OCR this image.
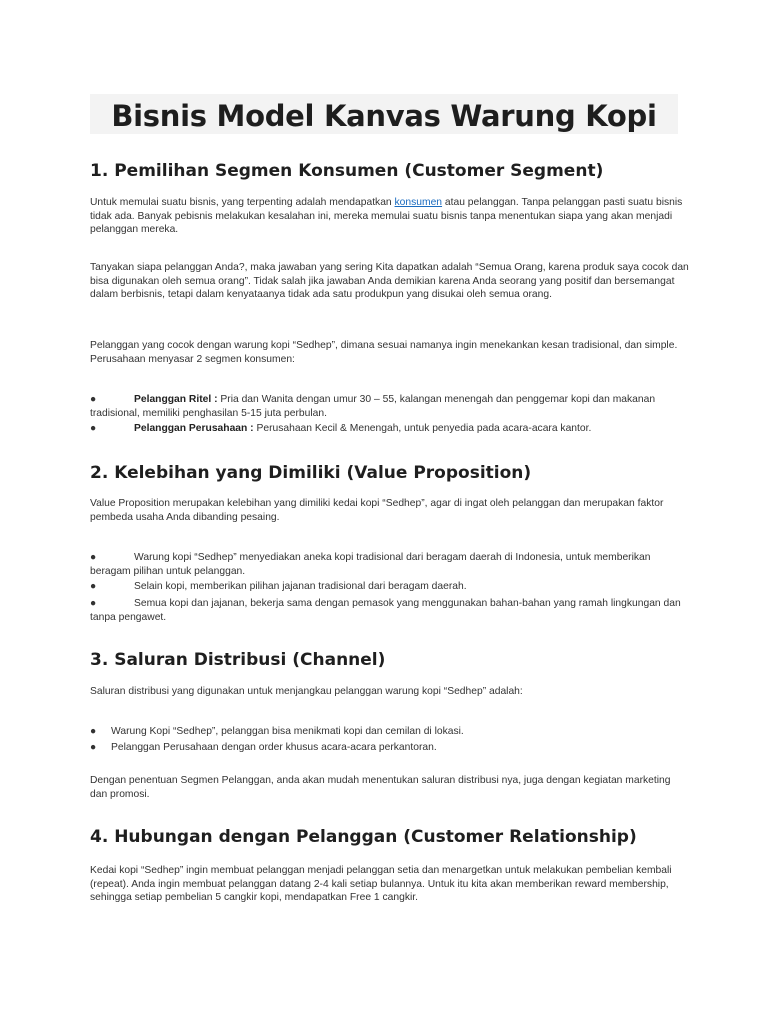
Bisnis Model Kanvas Warung Kopi
1. Pemilihan Segmen Konsumen (Customer Segment)

Untuk memulai suatu bisnis, yang terpenting adalah mendapatkan konsumen atau pelanggan. Tanpa pelanggan pasti suatu bisnis tidak ada. Banyak pebisnis melakukan kesalahan ini, mereka memulai suatu bisnis tanpa menentukan siapa yang akan menjadi pelanggan mereka.

Tanyakan siapa pelanggan Anda?, maka jawaban yang sering Kita dapatkan adalah “Semua Orang, karena produk saya cocok dan bisa digunakan oleh semua orang”. Tidak salah jika jawaban Anda demikian karena Anda seorang yang positif dan bersemangat dalam berbisnis, tetapi dalam kenyataanya tidak ada satu produkpun yang disukai oleh semua orang.

Pelanggan yang cocok dengan warung kopi “Sedhep”, dimana sesuai namanya ingin menekankan kesan tradisional, dan simple. Perusahaan menyasar 2 segmen konsumen:

●	Pelanggan Ritel : Pria dan Wanita dengan umur 30 – 55, kalangan menengah dan penggemar kopi dan makanan tradisional, memiliki penghasilan 5-15 juta perbulan.
●	Pelanggan Perusahaan : Perusahaan Kecil & Menengah, untuk penyedia pada acara-acara kantor.
2. Kelebihan yang Dimiliki (Value Proposition)

Value Proposition merupakan kelebihan yang dimiliki kedai kopi “Sedhep”, agar di ingat oleh pelanggan dan merupakan faktor pembeda usaha Anda dibanding pesaing.

●	Warung kopi “Sedhep” menyediakan aneka kopi tradisional dari beragam daerah di Indonesia, untuk memberikan beragam pilihan untuk pelanggan.
●	Selain kopi, memberikan pilihan jajanan tradisional dari beragam daerah.
●	Semua kopi dan jajanan, bekerja sama dengan pemasok yang menggunakan bahan-bahan yang ramah lingkungan dan tanpa pengawet.
3. Saluran Distribusi (Channel)

Saluran distribusi yang digunakan untuk menjangkau pelanggan warung kopi “Sedhep” adalah:

●	Warung Kopi “Sedhep”, pelanggan bisa menikmati kopi dan cemilan di lokasi.
●	Pelanggan Perusahaan dengan order khusus acara-acara perkantoran.

Dengan penentuan Segmen Pelanggan, anda akan mudah menentukan saluran distribusi nya, juga dengan kegiatan marketing dan promosi.

4. Hubungan dengan Pelanggan (Customer Relationship)

Kedai kopi “Sedhep” ingin membuat pelanggan menjadi pelanggan setia dan menargetkan untuk melakukan pembelian kembali (repeat). Anda ingin membuat pelanggan datang 2-4 kali setiap bulannya. Untuk itu kita akan memberikan reward membership, sehingga setiap pembelian 5 cangkir kopi, mendapatkan Free 1 cangkir.
